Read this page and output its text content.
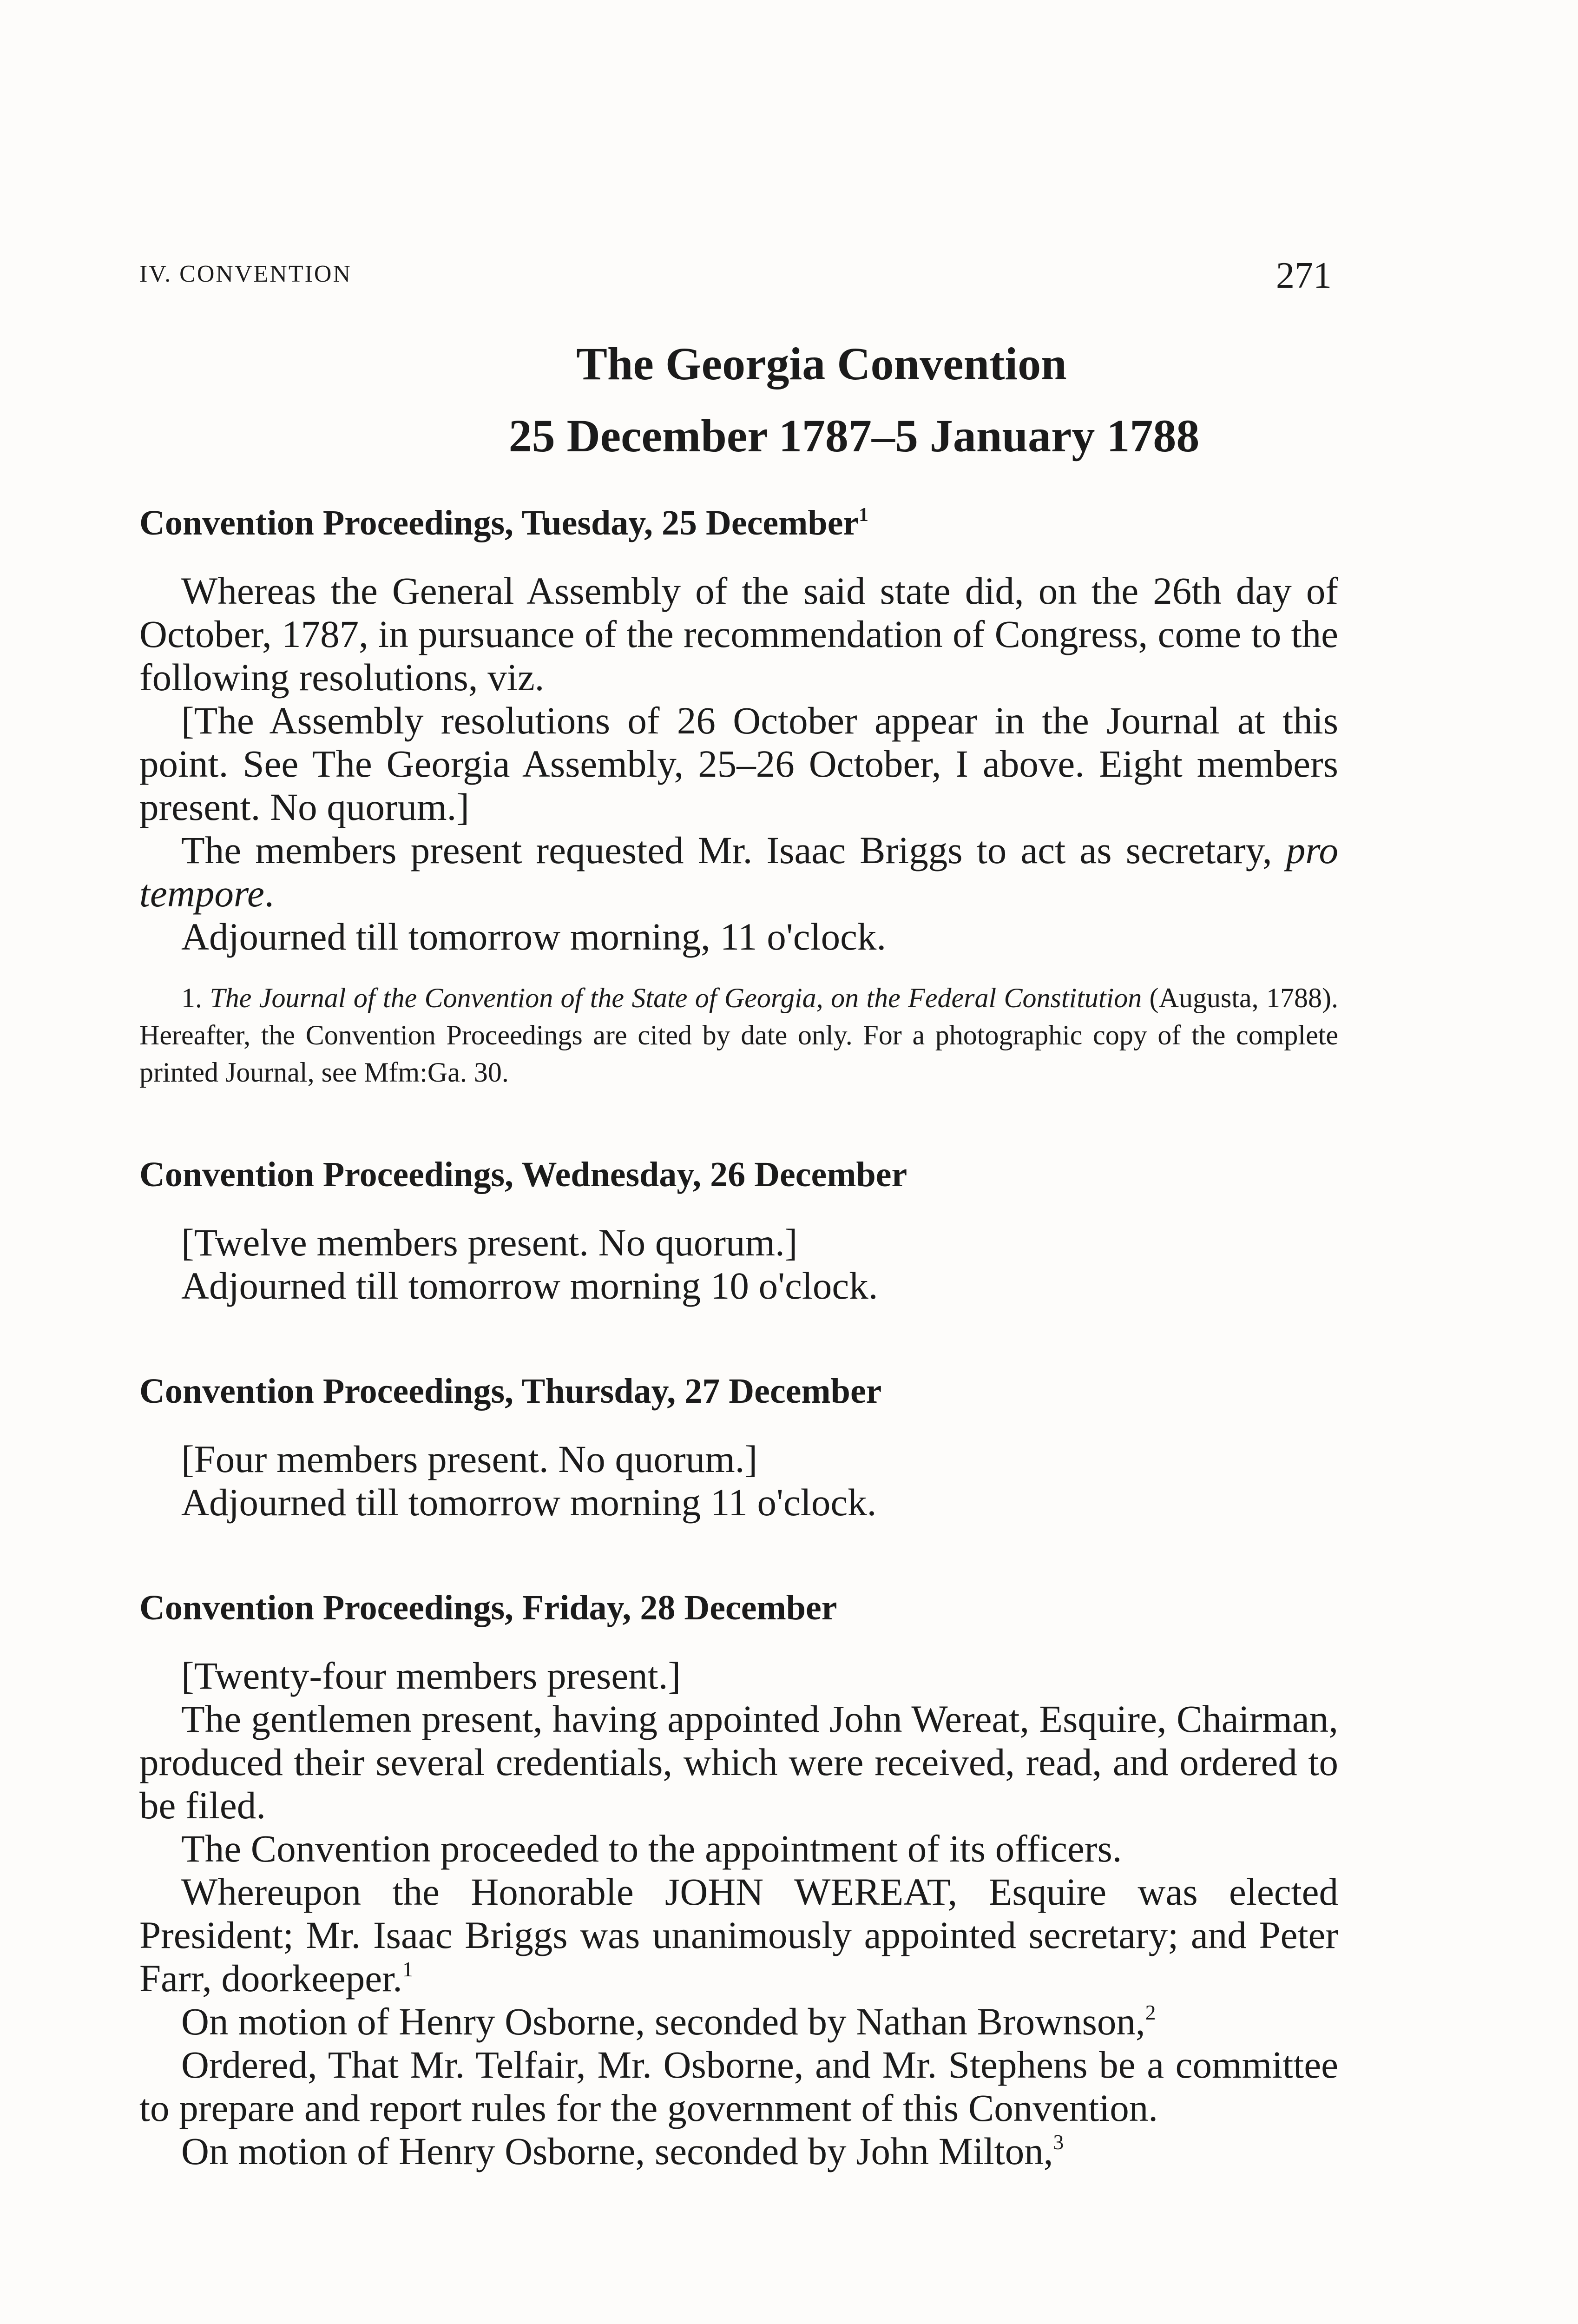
IV. CONVENTION	271
The Georgia Convention
25 December 1787–5 January 1788

Convention Proceedings, Tuesday, 25 December$^1$

Whereas the General Assembly of the said state did, on the 26th day of October, 1787, in pursuance of the recommendation of Congress, come to the following resolutions, viz.

[The Assembly resolutions of 26 October appear in the Journal at this point. See The Georgia Assembly, 25–26 October, I above. Eight members present. No quorum.]

The members present requested Mr. Isaac Briggs to act as secretary, pro tempore.

Adjourned till tomorrow morning, 11 o'clock.

1. The Journal of the Convention of the State of Georgia, on the Federal Constitution (Augusta, 1788). Hereafter, the Convention Proceedings are cited by date only. For a photographic copy of the complete printed Journal, see Mfm:Ga. 30.

Convention Proceedings, Wednesday, 26 December

[Twelve members present. No quorum.]

Adjourned till tomorrow morning 10 o'clock.

Convention Proceedings, Thursday, 27 December

[Four members present. No quorum.]

Adjourned till tomorrow morning 11 o'clock.

Convention Proceedings, Friday, 28 December

[Twenty-four members present.]

The gentlemen present, having appointed John Wereat, Esquire, Chairman, produced their several credentials, which were received, read, and ordered to be filed.

The Convention proceeded to the appointment of its officers.

Whereupon the Honorable JOHN WEREAT, Esquire was elected President; Mr. Isaac Briggs was unanimously appointed secretary; and Peter Farr, doorkeeper.$^1$

On motion of Henry Osborne, seconded by Nathan Brownson,$^2$

Ordered, That Mr. Telfair, Mr. Osborne, and Mr. Stephens be a committee to prepare and report rules for the government of this Convention.

On motion of Henry Osborne, seconded by John Milton,$^3$
